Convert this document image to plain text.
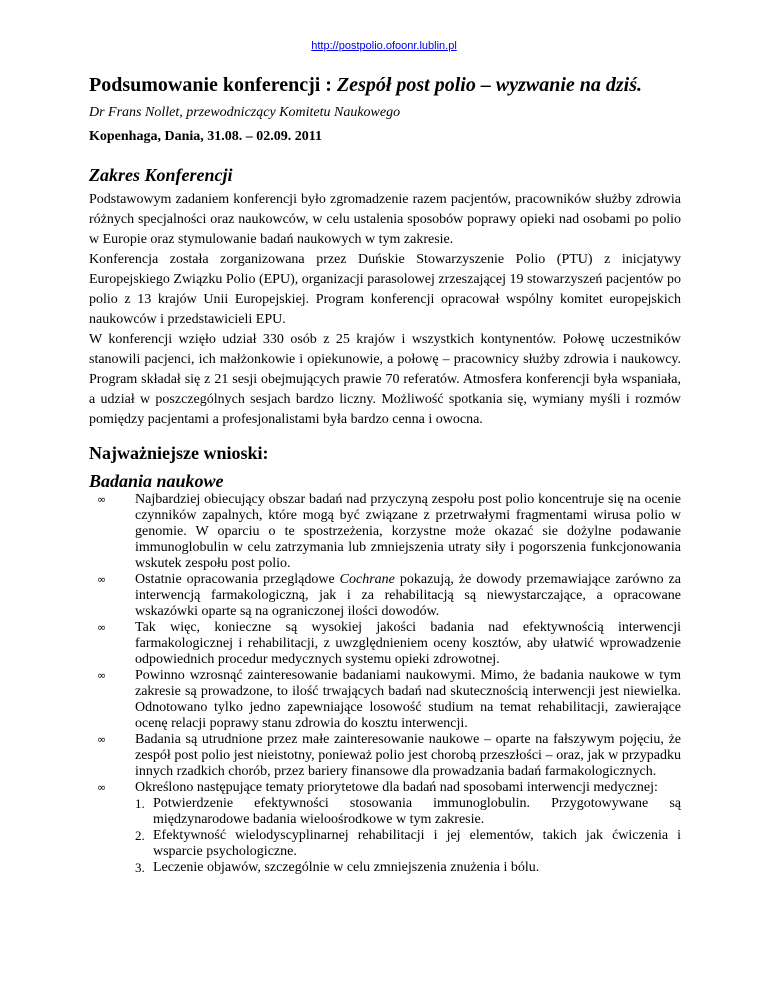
http://postpolio.ofoonr.lublin.pl
Podsumowanie konferencji : Zespół post polio – wyzwanie na dziś.
Dr Frans Nollet, przewodniczący Komitetu Naukowego
Kopenhaga, Dania, 31.08. – 02.09. 2011
Zakres Konferencji

Podstawowym zadaniem konferencji było zgromadzenie razem pacjentów, pracowników służby zdrowia różnych specjalności oraz naukowców, w celu ustalenia sposobów poprawy opieki nad osobami po polio w Europie oraz stymulowanie badań naukowych w tym zakresie.

Konferencja została zorganizowana przez Duńskie Stowarzyszenie Polio (PTU) z inicjatywy Europejskiego Związku Polio (EPU), organizacji parasolowej zrzeszającej 19 stowarzyszeń pacjentów po polio z 13 krajów Unii Europejskiej. Program konferencji opracował wspólny komitet europejskich naukowców i przedstawicieli EPU.

W konferencji wzięło udział 330 osób z 25 krajów i wszystkich kontynentów. Połowę uczestników stanowili pacjenci, ich małżonkowie i opiekunowie, a połowę – pracownicy służby zdrowia i naukowcy. Program składał się z 21 sesji obejmujących prawie 70 referatów. Atmosfera konferencji była wspaniała, a udział w poszczególnych sesjach bardzo liczny. Możliwość spotkania się, wymiany myśli i rozmów pomiędzy pacjentami a profesjonalistami była bardzo cenna i owocna.

Najważniejsze wnioski:
Badania naukowe
∞ Najbardziej obiecujący obszar badań nad przyczyną zespołu post polio koncentruje się na ocenie czynników zapalnych, które mogą być związane z przetrwałymi fragmentami wirusa polio w genomie. W oparciu o te spostrzeżenia, korzystne może okazać sie dożylne podawanie immunoglobulin w celu zatrzymania lub zmniejszenia utraty siły i pogorszenia funkcjonowania wskutek zespołu post polio.
∞ Ostatnie opracowania przeglądowe Cochrane pokazują, że dowody przemawiające zarówno za interwencją farmakologiczną, jak i za rehabilitacją są niewystarczające, a opracowane wskazówki oparte są na ograniczonej ilości dowodów.
∞ Tak więc, konieczne są wysokiej jakości badania nad efektywnością interwencji farmakologicznej i rehabilitacji, z uwzględnieniem oceny kosztów, aby ułatwić wprowadzenie odpowiednich procedur medycznych systemu opieki zdrowotnej.
∞ Powinno wzrosnąć zainteresowanie badaniami naukowymi. Mimo, że badania naukowe w tym zakresie są prowadzone, to ilość trwających badań nad skutecznością interwencji jest niewielka. Odnotowano tylko jedno zapewniające losowość studium na temat rehabilitacji, zawierające ocenę relacji poprawy stanu zdrowia do kosztu interwencji.
∞ Badania są utrudnione przez małe zainteresowanie naukowe – oparte na fałszywym pojęciu, że zespół post polio jest nieistotny, ponieważ polio jest chorobą przeszłości – oraz, jak w przypadku innych rzadkich chorób, przez bariery finansowe dla prowadzania badań farmakologicznych.
∞ Określono następujące tematy priorytetowe dla badań nad sposobami interwencji medycznej:
1. Potwierdzenie efektywności stosowania immunoglobulin. Przygotowywane są międzynarodowe badania wieloośrodkowe w tym zakresie.
2. Efektywność wielodyscyplinarnej rehabilitacji i jej elementów, takich jak ćwiczenia i wsparcie psychologiczne.
3. Leczenie objawów, szczególnie w celu zmniejszenia znużenia i bólu.
